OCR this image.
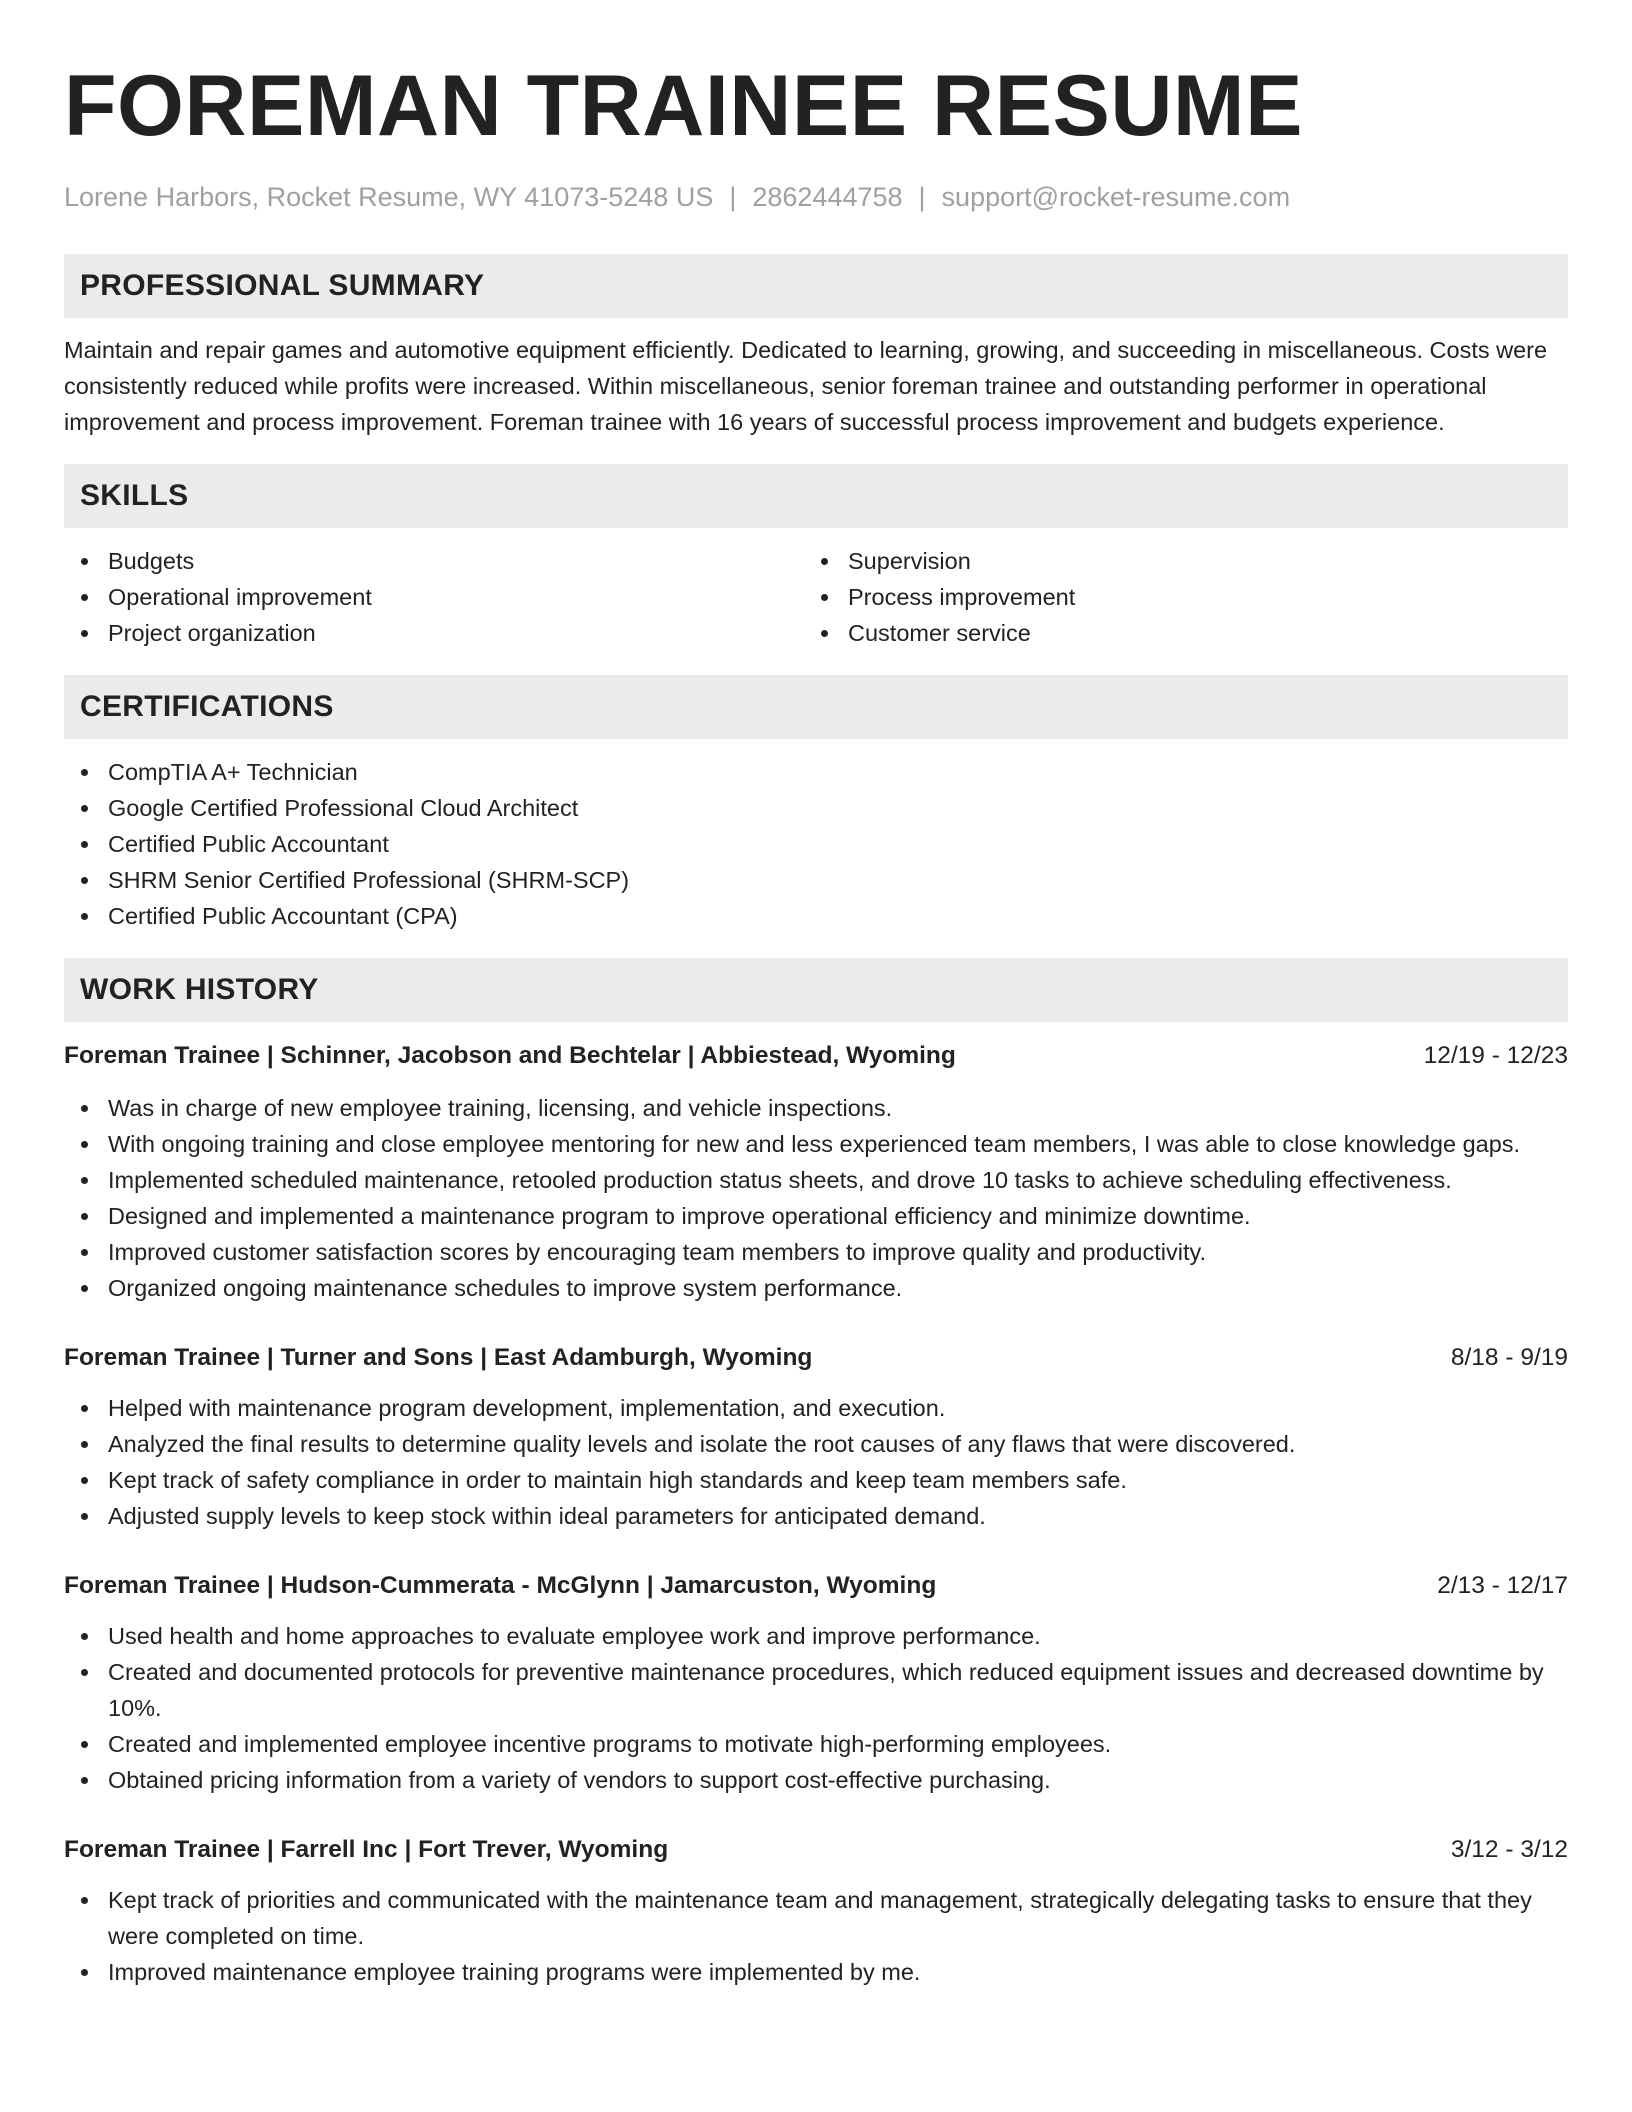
FOREMAN TRAINEE RESUME
Lorene Harbors, Rocket Resume, WY 41073-5248 US | 2862444758 | support@rocket-resume.com
PROFESSIONAL SUMMARY

Maintain and repair games and automotive equipment efficiently. Dedicated to learning, growing, and succeeding in miscellaneous. Costs were consistently reduced while profits were increased. Within miscellaneous, senior foreman trainee and outstanding performer in operational improvement and process improvement. Foreman trainee with 16 years of successful process improvement and budgets experience.

SKILLS
Budgets
Operational improvement
Project organization
Supervision
Process improvement
Customer service
CERTIFICATIONS
CompTIA A+ Technician
Google Certified Professional Cloud Architect
Certified Public Accountant
SHRM Senior Certified Professional (SHRM-SCP)
Certified Public Accountant (CPA)
WORK HISTORY
Foreman Trainee | Schinner, Jacobson and Bechtelar | Abbiestead, Wyoming	12/19 - 12/23
Was in charge of new employee training, licensing, and vehicle inspections.
With ongoing training and close employee mentoring for new and less experienced team members, I was able to close knowledge gaps.
Implemented scheduled maintenance, retooled production status sheets, and drove 10 tasks to achieve scheduling effectiveness.
Designed and implemented a maintenance program to improve operational efficiency and minimize downtime.
Improved customer satisfaction scores by encouraging team members to improve quality and productivity.
Organized ongoing maintenance schedules to improve system performance.
Foreman Trainee | Turner and Sons | East Adamburgh, Wyoming	8/18 - 9/19
Helped with maintenance program development, implementation, and execution.
Analyzed the final results to determine quality levels and isolate the root causes of any flaws that were discovered.
Kept track of safety compliance in order to maintain high standards and keep team members safe.
Adjusted supply levels to keep stock within ideal parameters for anticipated demand.
Foreman Trainee | Hudson-Cummerata - McGlynn | Jamarcuston, Wyoming	2/13 - 12/17
Used health and home approaches to evaluate employee work and improve performance.
Created and documented protocols for preventive maintenance procedures, which reduced equipment issues and decreased downtime by 10%.
Created and implemented employee incentive programs to motivate high-performing employees.
Obtained pricing information from a variety of vendors to support cost-effective purchasing.
Foreman Trainee | Farrell Inc | Fort Trever, Wyoming	3/12 - 3/12
Kept track of priorities and communicated with the maintenance team and management, strategically delegating tasks to ensure that they were completed on time.
Improved maintenance employee training programs were implemented by me.
